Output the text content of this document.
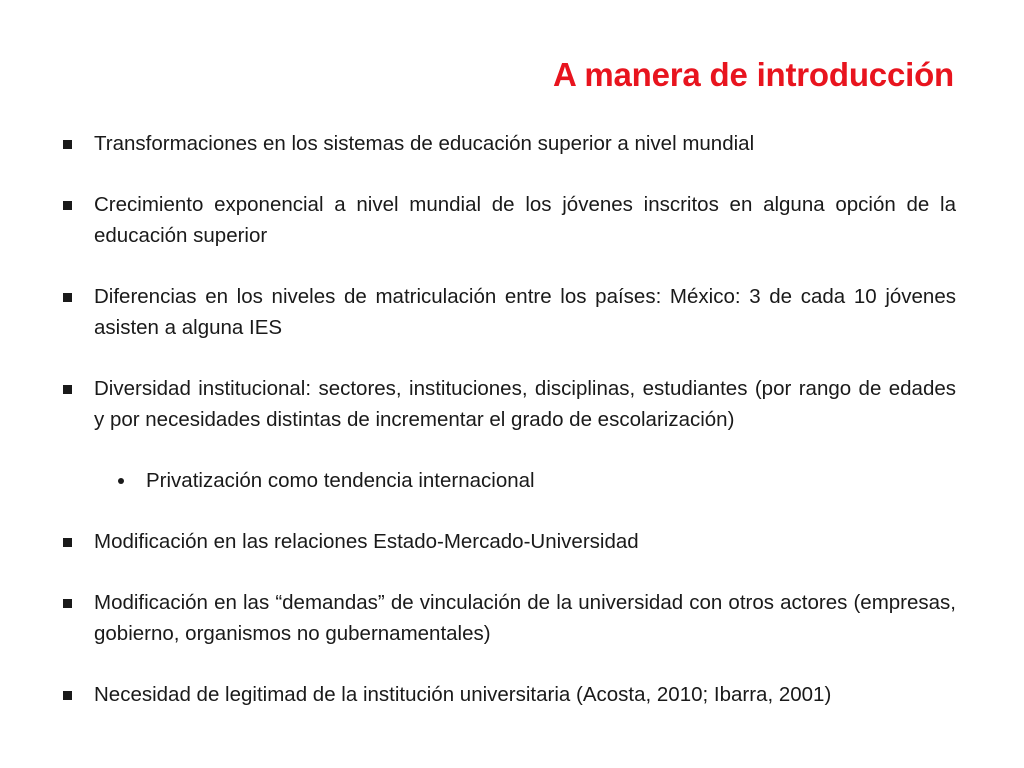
A manera de introducción
Transformaciones en los sistemas de educación superior a nivel mundial
Crecimiento exponencial a nivel mundial de los jóvenes inscritos en alguna opción de la educación superior
Diferencias en los niveles de matriculación entre los países: México: 3 de cada 10 jóvenes asisten a alguna IES
Diversidad institucional: sectores, instituciones, disciplinas, estudiantes (por rango de edades y por necesidades distintas de incrementar el grado de escolarización)
Privatización como tendencia internacional
Modificación en las relaciones Estado-Mercado-Universidad
Modificación en las “demandas” de vinculación de la universidad con otros actores (empresas, gobierno, organismos no gubernamentales)
Necesidad de legitimad de la institución universitaria (Acosta, 2010; Ibarra, 2001)
